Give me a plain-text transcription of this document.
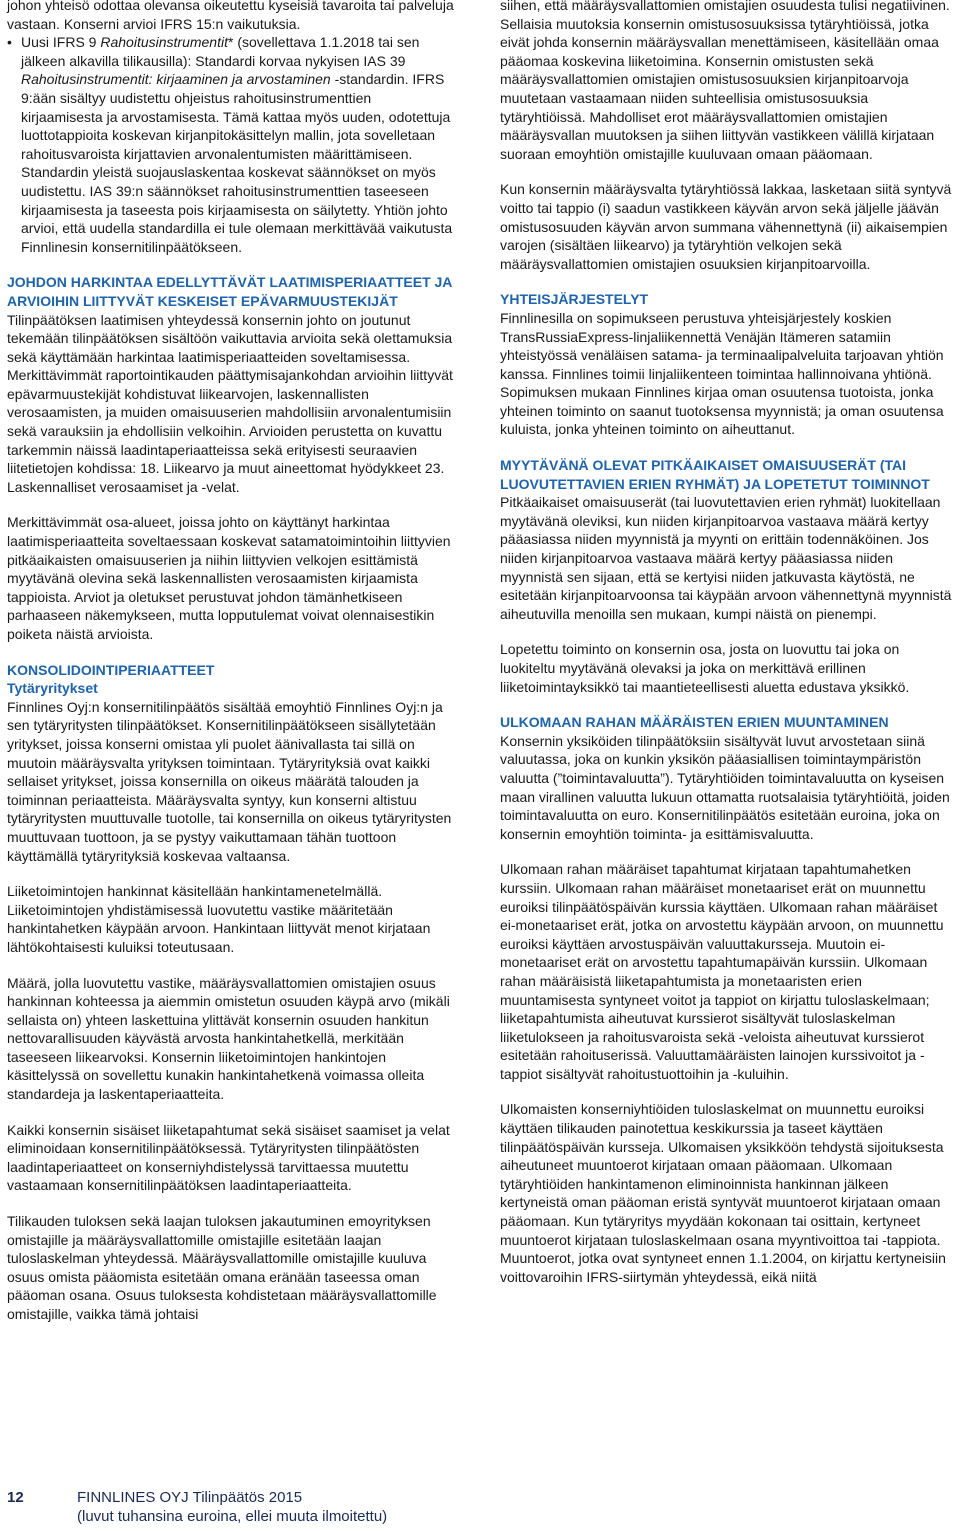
johon yhteisö odottaa olevansa oikeutettu kyseisiä tavaroita tai palveluja vastaan. Konserni arvioi IFRS 15:n vaikutuksia.

• Uusi IFRS 9 Rahoitusinstrumentit* (sovellettava 1.1.2018 tai sen jälkeen alkavilla tilikausilla): Standardi korvaa nykyisen IAS 39 Rahoitusinstrumentit: kirjaaminen ja arvostaminen -standardin. IFRS 9:ään sisältyy uudistettu ohjeistus rahoitusinstrumenttien kirjaamisesta ja arvostamisesta. Tämä kattaa myös uuden, odotettuja luottotappioita koskevan kirjanpitokäsittelyn mallin, jota sovelletaan rahoitusvaroista kirjattavien arvonalentumisten määrittämiseen. Standardin yleistä suojauslaskentaa koskevat säännökset on myös uudistettu. IAS 39:n säännökset rahoitusinstrumenttien taseeseen kirjaamisesta ja taseesta pois kirjaamisesta on säilytetty. Yhtiön johto arvioi, että uudella standardilla ei tule olemaan merkittävää vaikutusta Finnlinesin konsernitilinpäätökseen.
JOHDON HARKINTAA EDELLYTTÄVÄT LAATIMISPERIAATTEET JA ARVIOIHIN LIITTYVÄT KESKEISET EPÄVARMUUSTEKIJÄT

Tilinpäätöksen laatimisen yhteydessä konsernin johto on joutunut tekemään tilinpäätöksen sisältöön vaikuttavia arvioita sekä olettamuksia sekä käyttämään harkintaa laatimisperiaatteiden soveltamisessa. Merkittävimmät raportointikauden päättymisajankohdan arvioihin liittyvät epävarmuustekijät kohdistuvat liikearvojen, laskennallisten verosaamisten, ja muiden omaisuuserien mahdollisiin arvonalentumisiin sekä varauksiin ja ehdollisiin velkoihin. Arvioiden perustetta on kuvattu tarkemmin näissä laadintaperiaatteissa sekä erityisesti seuraavien liitetietojen kohdissa: 18. Liikearvo ja muut aineettomat hyödykkeet 23. Laskennalliset verosaamiset ja -velat.

Merkittävimmät osa-alueet, joissa johto on käyttänyt harkintaa laatimisperiaatteita soveltaessaan koskevat satamatoimintoihin liittyvien pitkäaikaisten omaisuuserien ja niihin liittyvien velkojen esittämistä myytävänä olevina sekä laskennallisten verosaamisten kirjaamista tappioista. Arviot ja oletukset perustuvat johdon tämänhetkiseen parhaaseen näkemykseen, mutta lopputulemat voivat olennaisestikin poiketa näistä arvioista.

KONSOLIDOINTIPERIAATTEET
Tytäryritykset

Finnlines Oyj:n konsernitilinpäätös sisältää emoyhtiö Finnlines Oyj:n ja sen tytäryritysten tilinpäätökset. Konsernitilinpäätökseen sisällytetään yritykset, joissa konserni omistaa yli puolet äänivallasta tai sillä on muutoin määräysvalta yrityksen toimintaan. Tytäryrityksiä ovat kaikki sellaiset yritykset, joissa konsernilla on oikeus määrätä talouden ja toiminnan periaatteista. Määräysvalta syntyy, kun konserni altistuu tytäryritysten muuttuvalle tuotolle, tai konsernilla on oikeus tytäryritysten muuttuvaan tuottoon, ja se pystyy vaikuttamaan tähän tuottoon käyttämällä tytäryrityksiä koskevaa valtaansa.

Liiketoimintojen hankinnat käsitellään hankintamenetelmällä. Liiketoimintojen yhdistämisessä luovutettu vastike määritetään hankintahetken käypään arvoon. Hankintaan liittyvät menot kirjataan lähtökohtaisesti kuluiksi toteutusaan.

Määrä, jolla luovutettu vastike, määräysvallattomien omistajien osuus hankinnan kohteessa ja aiemmin omistetun osuuden käypä arvo (mikäli sellaista on) yhteen laskettuina ylittävät konsernin osuuden hankitun nettovarallisuuden käyvästä arvosta hankintahetkellä, merkitään taseeseen liikearvoksi. Konsernin liiketoimintojen hankintojen käsittelyssä on sovellettu kunakin hankintahetkenä voimassa olleita standardeja ja laskentaperiaatteita.

Kaikki konsernin sisäiset liiketapahtumat sekä sisäiset saamiset ja velat eliminoidaan konsernitilinpäätöksessä. Tytäryritysten tilinpäätösten laadintaperiaatteet on konserniyhdistelyssä tarvittaessa muutettu vastaamaan konsernitilinpäätöksen laadintaperiaatteita.

Tilikauden tuloksen sekä laajan tuloksen jakautuminen emoyrityksen omistajille ja määräysvallattomille omistajille esitetään laajan tuloslaskelman yhteydessä. Määräysvallattomille omistajille kuuluva osuus omista pääomista esitetään omana eränään taseessa oman pääoman osana. Osuus tuloksesta kohdistetaan määräysvallattomille omistajille, vaikka tämä johtaisi

siihen, että määräysvallattomien omistajien osuudesta tulisi negatiivinen.

Sellaisia muutoksia konsernin omistusosuuksissa tytäryhtiöissä, jotka eivät johda konsernin määräysvallan menettämiseen, käsitellään omaa pääomaa koskevina liiketoimina. Konsernin omistusten sekä määräysvallattomien omistajien omistusosuuksien kirjanpitoarvoja muutetaan vastaamaan niiden suhteellisia omistusosuuksia tytäryhtiöissä. Mahdolliset erot määräysvallattomien omistajien määräysvallan muutoksen ja siihen liittyvän vastikkeen välillä kirjataan suoraan emoyhtiön omistajille kuuluvaan omaan pääomaan.

Kun konsernin määräysvalta tytäryhtiössä lakkaa, lasketaan siitä syntyvä voitto tai tappio (i) saadun vastikkeen käyvän arvon sekä jäljelle jäävän omistusosuuden käyvän arvon summana vähennettynä (ii) aikaisempien varojen (sisältäen liikearvo) ja tytäryhtiön velkojen sekä määräysvallattomien omistajien osuuksien kirjanpitoarvoilla.

YHTEISJÄRJESTELYT

Finnlinesilla on sopimukseen perustuva yhteisjärjestely koskien TransRussiaExpress-linjaliikennettä Venäjän Itämeren satamiin yhteistyössä venäläisen satama- ja terminaalipalveluita tarjoavan yhtiön kanssa. Finnlines toimii linjaliikenteen toimintaa hallinnoivana yhtiönä. Sopimuksen mukaan Finnlines kirjaa oman osuutensa tuotoista, jonka yhteinen toiminto on saanut tuotoksensa myynnistä; ja oman osuutensa kuluista, jonka yhteinen toiminto on aiheuttanut.

MYYTÄVÄNÄ OLEVAT PITKÄAIKAISET OMAISUUSERÄT (TAI LUOVUTETTAVIEN ERIEN RYHMÄT) JA LOPETETUT TOIMINNOT

Pitkäaikaiset omaisuuserät (tai luovutettavien erien ryhmät) luokitellaan myytävänä oleviksi, kun niiden kirjanpitoarvoa vastaava määrä kertyy pääasiassa niiden myynnistä ja myynti on erittäin todennäköinen. Jos niiden kirjanpitoarvoa vastaava määrä kertyy pääasiassa niiden myynnistä sen sijaan, että se kertyisi niiden jatkuvasta käytöstä, ne esitetään kirjanpitoarvoonsa tai käypään arvoon vähennettynä myynnistä aiheutuvilla menoilla sen mukaan, kumpi näistä on pienempi.

Lopetettu toiminto on konsernin osa, josta on luovuttu tai joka on luokiteltu myytävänä olevaksi ja joka on merkittävä erillinen liiketoimintayksikkö tai maantieteellisesti aluetta edustava yksikkö.

ULKOMAAN RAHAN MÄÄRÄISTEN ERIEN MUUNTAMINEN

Konsernin yksiköiden tilinpäätöksiin sisältyvät luvut arvostetaan siinä valuutassa, joka on kunkin yksikön pääasiallisen toimintaympäristön valuutta (”toimintavaluutta”). Tytäryhtiöiden toimintavaluutta on kyseisen maan virallinen valuutta lukuun ottamatta ruotsalaisia tytäryhtiöitä, joiden toimintavaluutta on euro. Konsernitilinpäätös esitetään euroina, joka on konsernin emoyhtiön toiminta- ja esittämisvaluutta.

Ulkomaan rahan määräiset tapahtumat kirjataan tapahtumahetken kurssiin. Ulkomaan rahan määräiset monetaariset erät on muunnettu euroiksi tilinpäätöspäivän kurssia käyttäen. Ulkomaan rahan määräiset ei-monetaariset erät, jotka on arvostettu käypään arvoon, on muunnettu euroiksi käyttäen arvostuspäivän valuuttakursseja. Muutoin ei-monetaariset erät on arvostettu tapahtumapäivän kurssiin. Ulkomaan rahan määräisistä liiketapahtumista ja monetaaristen erien muuntamisesta syntyneet voitot ja tappiot on kirjattu tuloslaskelmaan; liiketapahtumista aiheutuvat kurssierot sisältyvät tuloslaskelman liiketulokseen ja rahoitusvaroista sekä -veloista aiheutuvat kurssierot esitetään rahoituserissä. Valuuttamääräisten lainojen kurssivoitot ja -tappiot sisältyvät rahoitustuottoihin ja -kuluihin.

Ulkomaisten konserniyhtiöiden tuloslaskelmat on muunnettu euroiksi käyttäen tilikauden painotettua keskikurssia ja taseet käyttäen tilinpäätöspäivän kursseja. Ulkomaisen yksikköön tehdystä sijoituksesta aiheutuneet muuntoerot kirjataan omaan pääomaan. Ulkomaan tytäryhtiöiden hankintamenon eliminoinnista hankinnan jälkeen kertyneistä oman pääoman eristä syntyvät muuntoerot kirjataan omaan pääomaan. Kun tytäryritys myydään kokonaan tai osittain, kertyneet muuntoerot kirjataan tuloslaskelmaan osana myyntivoittoa tai -tappiota. Muuntoerot, jotka ovat syntyneet ennen 1.1.2004, on kirjattu kertyneisiin voittovaroihin IFRS-siirtymän yhteydessä, eikä niitä

12	FINNLINES OYJ Tilinpäätös 2015
(luvut tuhansina euroina, ellei muuta ilmoitettu)
